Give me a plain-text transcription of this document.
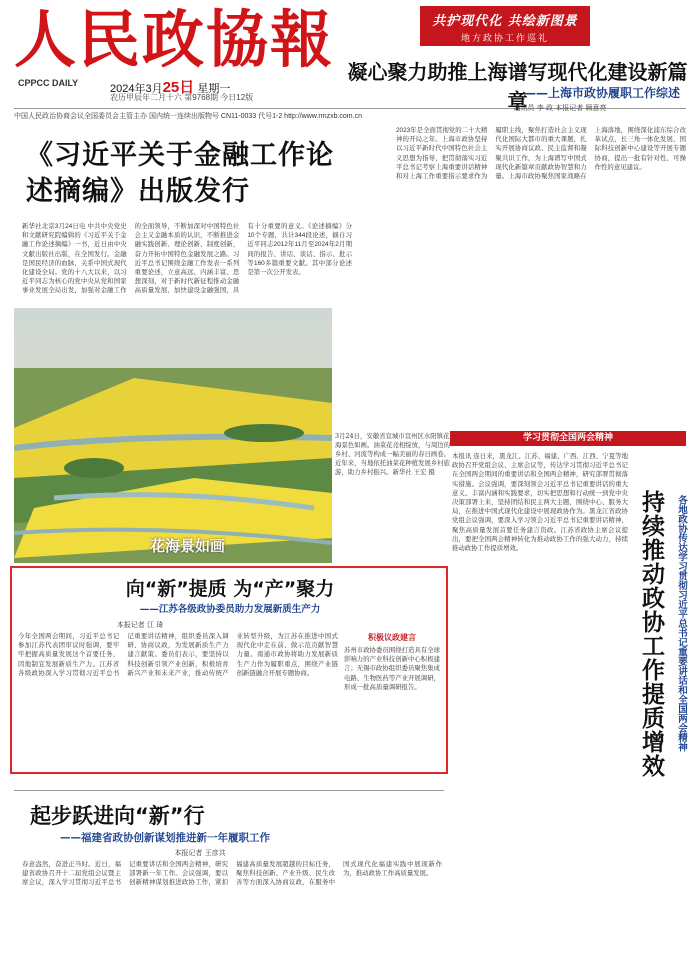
人民政協報
CPPCC DAILY	2024年3月25日 星期一
农历甲辰年二月十六 第9768期 今日12版
中国人民政治协商会议全国委员会主管主办 国内统一连续出版物号 CN11-0033 代号1-2 http://www.rmzxb.com.cn
共护现代化 共绘新图景
地方政协工作巡礼
凝心聚力助推上海谱写现代化建设新篇章
——上海市政协履职工作综述
通讯员 李 政 本报记者 顾意亮
2023年是全面贯彻党的二十大精神的开局之年。上海市政协坚持以习近平新时代中国特色社会主义思想为指导，把贯彻落实习近平总书记考察上海重要讲话精神和对上海工作重要指示要求作为履职主线，聚焦打造社会主义现代化国际大都市的重大课题，扎实开展协商议政、民主监督和凝聚共识工作，为上海谱写中国式现代化新篇章贡献政协智慧和力量。上海市政协聚焦国家战略在上海落地，围绕深化浦东综合改革试点、长三角一体化发展、国际科技创新中心建设等开展专题协商，提出一批有针对性、可操作性的意见建议。
《习近平关于金融工作论述摘编》出版发行
新华社北京3月24日电 中共中央党史和文献研究院编辑的《习近平关于金融工作论述摘编》一书，近日由中央文献出版社出版，在全国发行。金融是国民经济的血脉，关系中国式现代化建设全局。党的十八大以来，以习近平同志为核心的党中央从党和国家事业发展全局出发，加强对金融工作的全面领导，不断加深对中国特色社会主义金融本质的认识，不断推进金融实践创新、理论创新、制度创新，奋力开拓中国特色金融发展之路。习近平总书记围绕金融工作发表一系列重要论述，立意高远、内涵丰富、思想深刻，对于新时代新征程推动金融高质量发展、加快建设金融强国，具有十分重要的意义。《论述摘编》分10个专题，共计344段论述，摘自习近平同志2012年11月至2024年2月期间的报告、讲话、谈话、指示、批示等160多篇重要文献。其中部分论述是第一次公开发表。
花海景如画
3月24日，安徽省宣城市宣州区水阳镇花海景色如画。油菜花竞相绽放，与周边的乡村、河流等构成一幅美丽的春日画卷。近年来，当地依托油菜花种植发展乡村旅游，助力乡村振兴。新华社 王宏 摄
学习贯彻全国两会精神
持续推动政协工作提质增效	各地政协传达学习贯彻习近平总书记重要讲话和全国两会精神
本报讯 连日来，黑龙江、江苏、福建、广西、江西、宁夏等地政协召开党组会议、主席会议等，传达学习贯彻习近平总书记在全国两会期间的重要讲话和全国两会精神，研究部署贯彻落实措施。会议强调，要深刻领会习近平总书记重要讲话的重大意义、丰富内涵和实践要求，切实把思想和行动统一到党中央决策部署上来，坚持团结和民主两大主题，围绕中心、服务大局，在推进中国式现代化建设中展现政协作为。黑龙江省政协党组会议强调，要深入学习领会习近平总书记重要讲话精神，聚焦高质量发展首要任务建言资政。江苏省政协主席会议提出，要把全国两会精神转化为推动政协工作的强大动力，持续推动政协工作提质增效。
向“新”提质 为“产”聚力
——江苏各级政协委员助力发展新质生产力
本报记者 江 琦
今年全国两会期间，习近平总书记参加江苏代表团审议时强调，要牢牢把握高质量发展这个首要任务，因地制宜发展新质生产力。江苏省各级政协深入学习贯彻习近平总书记重要讲话精神，组织委员深入调研、协商议政，为发展新质生产力建言献策。委员们表示，要坚持以科技创新引领产业创新，积极培育新兴产业和未来产业，推动传统产业转型升级，为江苏在推进中国式现代化中走在前、做示范贡献智慧力量。南通市政协将助力发展新质生产力作为履职重点，围绕产业链创新链融合开展专题协商。
积极议政建言
苏州市政协委员围绕打造具有全球影响力的产业科技创新中心积极建言；无锡市政协组织委员聚焦集成电路、生物医药等产业开展调研，形成一批高质量调研报告。
起步跃进向“新”行
——福建省政协创新谋划推进新一年履职工作
本报记者 王彦共
春意盎然，奋进正当时。近日，福建省政协召开十二届党组会议暨主席会议，深入学习贯彻习近平总书记重要讲话和全国两会精神，研究部署新一年工作。会议强调，要以创新精神谋划推进政协工作，紧扣福建高质量发展超越的目标任务，聚焦科技创新、产业升级、民生改善等方面深入协商议政，在服务中国式现代化福建实践中展现新作为，推动政协工作高质量发展。
